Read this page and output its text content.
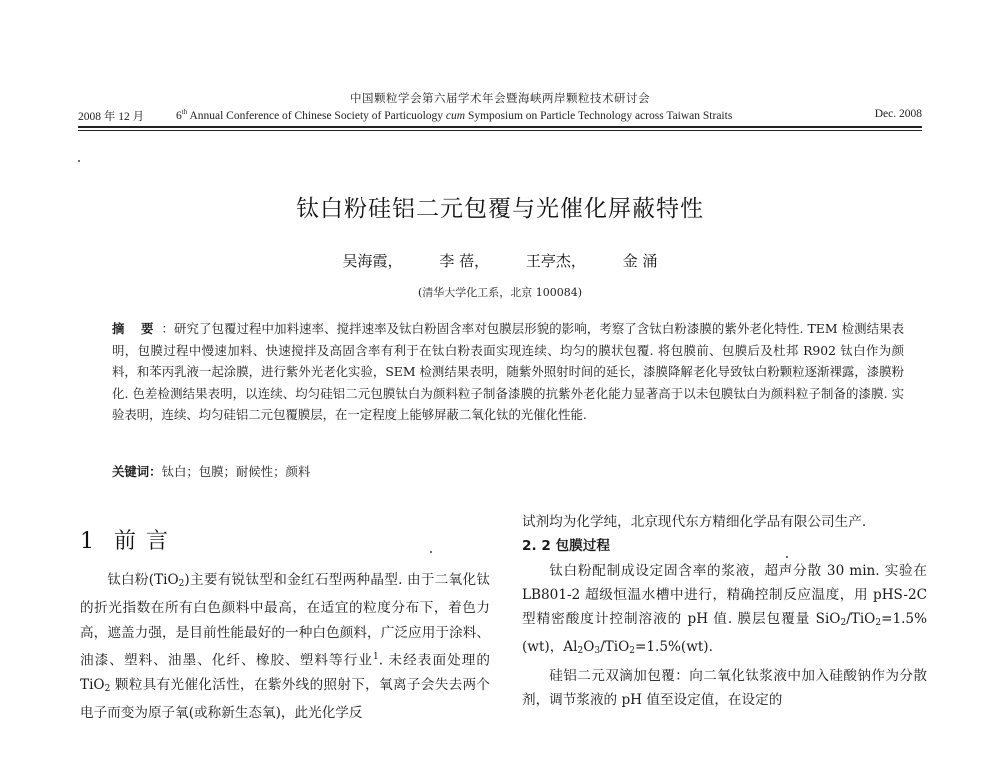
中国颗粒学会第六届学术年会暨海峡两岸颗粒技术研讨会
2008 年 12 月	6th Annual Conference of Chinese Society of Particuology cum Symposium on Particle Technology across Taiwan Straits	Dec. 2008
钛白粉硅铝二元包覆与光催化屏蔽特性
吴海霞， 李 蓓， 王亭杰， 金 涌
(清华大学化工系，北京 100084)
摘 要 ：研究了包覆过程中加料速率、搅拌速率及钛白粉固含率对包膜层形貌的影响，考察了含钛白粉漆膜的紫外老化特性. TEM 检测结果表明，包膜过程中慢速加料、快速搅拌及高固含率有利于在钛白粉表面实现连续、均匀的膜状包覆. 将包膜前、包膜后及杜邦 R902 钛白作为颜料，和苯丙乳液一起涂膜，进行紫外光老化实验，SEM 检测结果表明，随紫外照射时间的延长，漆膜降解老化导致钛白粉颗粒逐渐裸露，漆膜粉化. 色差检测结果表明，以连续、均匀硅铝二元包膜钛白为颜料粒子制备漆膜的抗紫外老化能力显著高于以未包膜钛白为颜料粒子制备的漆膜. 实验表明，连续、均匀硅铝二元包覆膜层，在一定程度上能够屏蔽二氧化钛的光催化性能.
关键词：钛白；包膜；耐候性；颜料
1 前言

钛白粉(TiO$_2$)主要有锐钛型和金红石型两种晶型. 由于二氧化钛的折光指数在所有白色颜料中最高，在适宜的粒度分布下，着色力高，遮盖力强，是目前性能最好的一种白色颜料，广泛应用于涂料、油漆、塑料、油墨、化纤、橡胶、塑料等行业$^1$. 未经表面处理的 TiO$_2$ 颗粒具有光催化活性，在紫外线的照射下，氧离子会失去两个电子而变为原子氧(或称新生态氧)，此光化学反

试剂均为化学纯，北京现代东方精细化学品有限公司生产.

2. 2 包膜过程

钛白粉配制成设定固含率的浆液，超声分散 30 min. 实验在 LB801-2 超级恒温水槽中进行，精确控制反应温度，用 pHS-2C 型精密酸度计控制溶液的 pH 值. 膜层包覆量 SiO$_2$/TiO$_2$=1.5%(wt)，$Al_2O_3/TiO_2=1.5\%(wt)$.

硅铝二元双滴加包覆：向二氧化钛浆液中加入硅酸钠作为分散剂，调节浆液的 pH 值至设定值，在设定的
